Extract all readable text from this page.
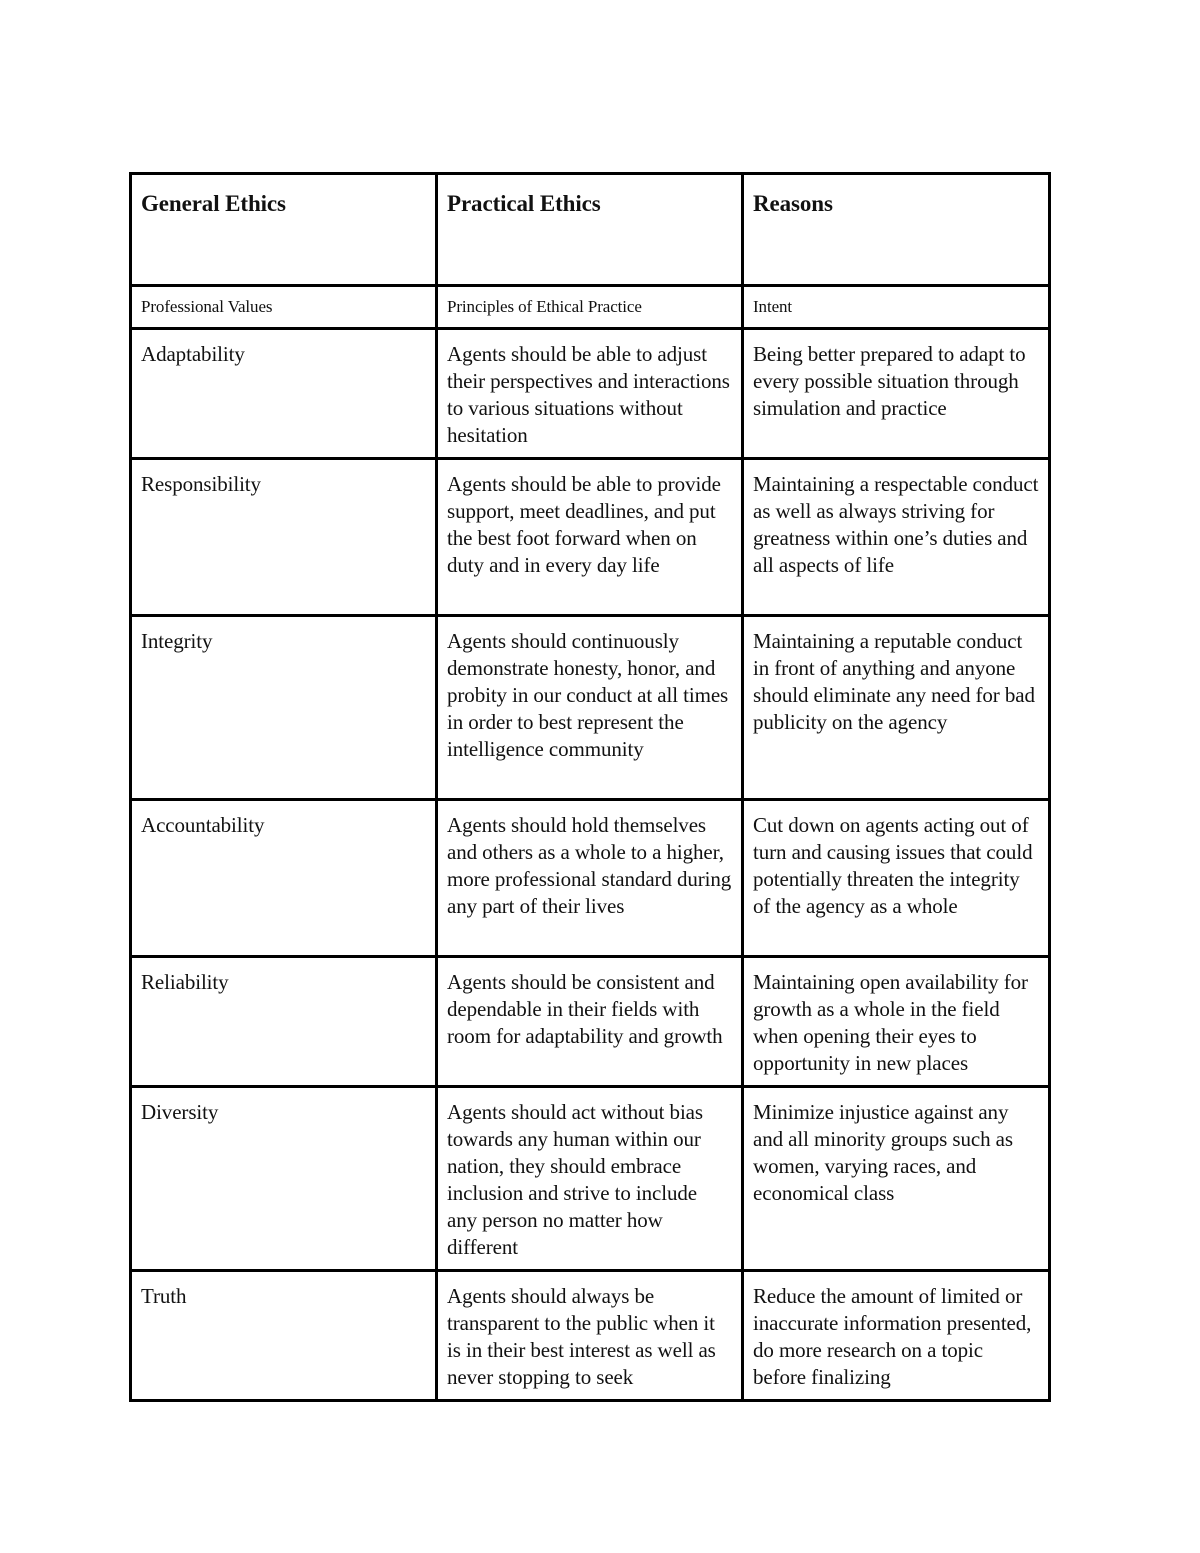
General Ethics	Practical Ethics	Reasons
Professional Values	Principles of Ethical Practice	Intent
Adaptability	Agents should be able to adjust their perspectives and interactions to various situations without hesitation	Being better prepared to adapt to every possible situation through simulation and practice
Responsibility	Agents should be able to provide support, meet deadlines, and put the best foot forward when on duty and in every day life	Maintaining a respectable conduct as well as always striving for greatness within one’s duties and all aspects of life
Integrity	Agents should continuously demonstrate honesty, honor, and probity in our conduct at all times in order to best represent the intelligence community	Maintaining a reputable conduct in front of anything and anyone should eliminate any need for bad publicity on the agency
Accountability	Agents should hold themselves and others as a whole to a higher, more professional standard during any part of their lives	Cut down on agents acting out of turn and causing issues that could potentially threaten the integrity of the agency as a whole
Reliability	Agents should be consistent and dependable in their fields with room for adaptability and growth	Maintaining open availability for growth as a whole in the field when opening their eyes to opportunity in new places
Diversity	Agents should act without bias towards any human within our nation, they should embrace inclusion and strive to include any person no matter how different	Minimize injustice against any and all minority groups such as women, varying races, and economical class
Truth	Agents should always be transparent to the public when it is in their best interest as well as never stopping to seek	Reduce the amount of limited or inaccurate information presented, do more research on a topic before finalizing
